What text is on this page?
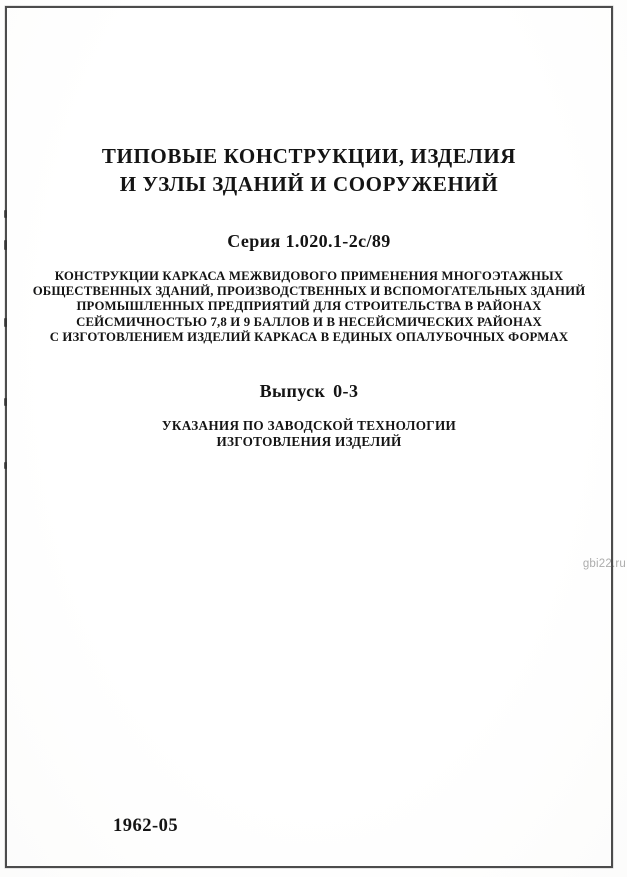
ТИПОВЫЕ КОНСТРУКЦИИ, ИЗДЕЛИЯ
И УЗЛЫ ЗДАНИЙ И СООРУЖЕНИЙ
Серия 1.020.1-2с/89
КОНСТРУКЦИИ КАРКАСА МЕЖВИДОВОГО ПРИМЕНЕНИЯ МНОГОЭТАЖНЫХ
ОБЩЕСТВЕННЫХ ЗДАНИЙ, ПРОИЗВОДСТВЕННЫХ И ВСПОМОГАТЕЛЬНЫХ ЗДАНИЙ
ПРОМЫШЛЕННЫХ ПРЕДПРИЯТИЙ ДЛЯ СТРОИТЕЛЬСТВА В РАЙОНАХ
СЕЙСМИЧНОСТЬЮ 7,8 И 9 БАЛЛОВ И В НЕСЕЙСМИЧЕСКИХ РАЙОНАХ
С ИЗГОТОВЛЕНИЕМ ИЗДЕЛИЙ КАРКАСА В ЕДИНЫХ ОПАЛУБОЧНЫХ ФОРМАХ
Выпуск 0-3
УКАЗАНИЯ ПО ЗАВОДСКОЙ ТЕХНОЛОГИИ
ИЗГОТОВЛЕНИЯ ИЗДЕЛИЙ
1962-05
gbi22.ru
